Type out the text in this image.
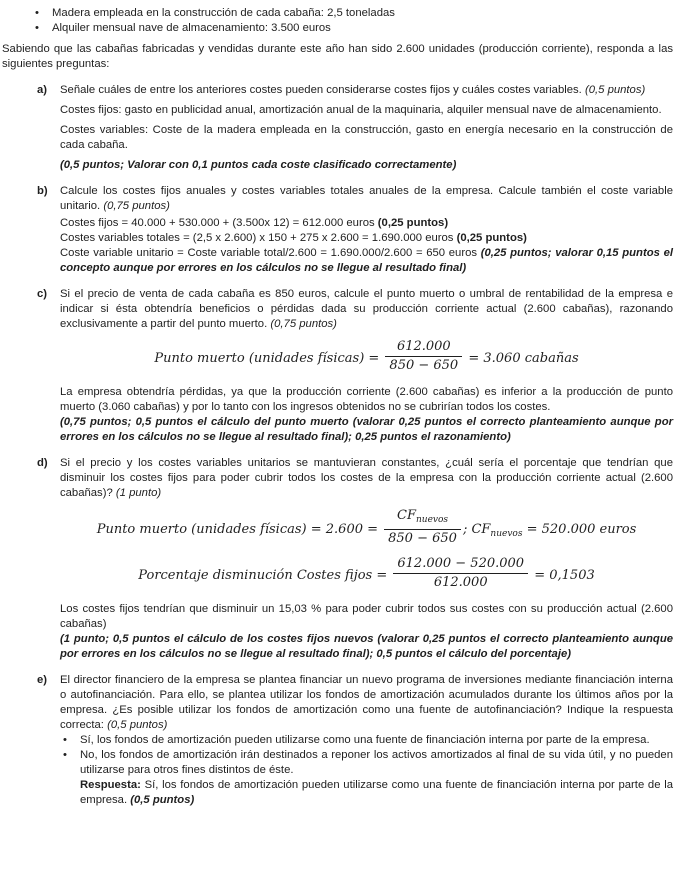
• Madera empleada en la construcción de cada cabaña: 2,5 toneladas

• Alquiler mensual nave de almacenamiento: 3.500 euros

Sabiendo que las cabañas fabricadas y vendidas durante este año han sido 2.600 unidades (producción corriente), responda a las siguientes preguntas:

a) Señale cuáles de entre los anteriores costes pueden considerarse costes fijos y cuáles costes variables. (0,5 puntos)

Costes fijos: gasto en publicidad anual, amortización anual de la maquinaria, alquiler mensual nave de almacenamiento.

Costes variables: Coste de la madera empleada en la construcción, gasto en energía necesario en la construcción de cada cabaña.

(0,5 puntos; Valorar con 0,1 puntos cada coste clasificado correctamente)

b) Calcule los costes fijos anuales y costes variables totales anuales de la empresa. Calcule también el coste variable unitario. (0,75 puntos)

Costes fijos = 40.000 + 530.000 + (3.500x 12) = 612.000 euros (0,25 puntos)

Costes variables totales = (2,5 x 2.600) x 150 + 275 x 2.600 = 1.690.000 euros (0,25 puntos)

Coste variable unitario = Coste variable total/2.600 = 1.690.000/2.600 = 650 euros (0,25 puntos; valorar 0,15 puntos el concepto aunque por errores en los cálculos no se llegue al resultado final)

c) Si el precio de venta de cada cabaña es 850 euros, calcule el punto muerto o umbral de rentabilidad de la empresa e indicar si ésta obtendría beneficios o pérdidas dada su producción corriente actual (2.600 cabañas), razonando exclusivamente a partir del punto muerto. (0,75 puntos)

Punto muerto (unidades físicas) = $\frac{612.000}{850 - 650} = 3.060$ cabañas

La empresa obtendría pérdidas, ya que la producción corriente (2.600 cabañas) es inferior a la producción de punto muerto (3.060 cabañas) y por lo tanto con los ingresos obtenidos no se cubrirían todos los costes.

(0,75 puntos; 0,5 puntos el cálculo del punto muerto (valorar 0,25 puntos el correcto planteamiento aunque por errores en los cálculos no se llegue al resultado final); 0,25 puntos el razonamiento)

d) Si el precio y los costes variables unitarios se mantuvieran constantes, ¿cuál sería el porcentaje que tendrían que disminuir los costes fijos para poder cubrir todos los costes de la empresa con la producción corriente actual (2.600 cabañas)? (1 punto)

Punto muerto (unidades físicas) = $2.600 = \frac{CF_{nuevos}}{850 - 650}$ ; $CF_{nuevos} = 520.000$ euros
Porcentaje disminución Costes fijos = $\frac{612.000 - 520.000}{612.000} = 0,1503$

Los costes fijos tendrían que disminuir un 15,03 % para poder cubrir todos sus costes con su producción actual (2.600 cabañas)

(1 punto; 0,5 puntos el cálculo de los costes fijos nuevos (valorar 0,25 puntos el correcto planteamiento aunque por errores en los cálculos no se llegue al resultado final); 0,5 puntos el cálculo del porcentaje)

e) El director financiero de la empresa se plantea financiar un nuevo programa de inversiones mediante financiación interna o autofinanciación. Para ello, se plantea utilizar los fondos de amortización acumulados durante los últimos años por la empresa. ¿Es posible utilizar los fondos de amortización como una fuente de autofinanciación? Indique la respuesta correcta: (0,5 puntos)

• Sí, los fondos de amortización pueden utilizarse como una fuente de financiación interna por parte de la empresa.

• No, los fondos de amortización irán destinados a reponer los activos amortizados al final de su vida útil, y no pueden utilizarse para otros fines distintos de éste.

Respuesta: Sí, los fondos de amortización pueden utilizarse como una fuente de financiación interna por parte de la empresa. (0,5 puntos)
